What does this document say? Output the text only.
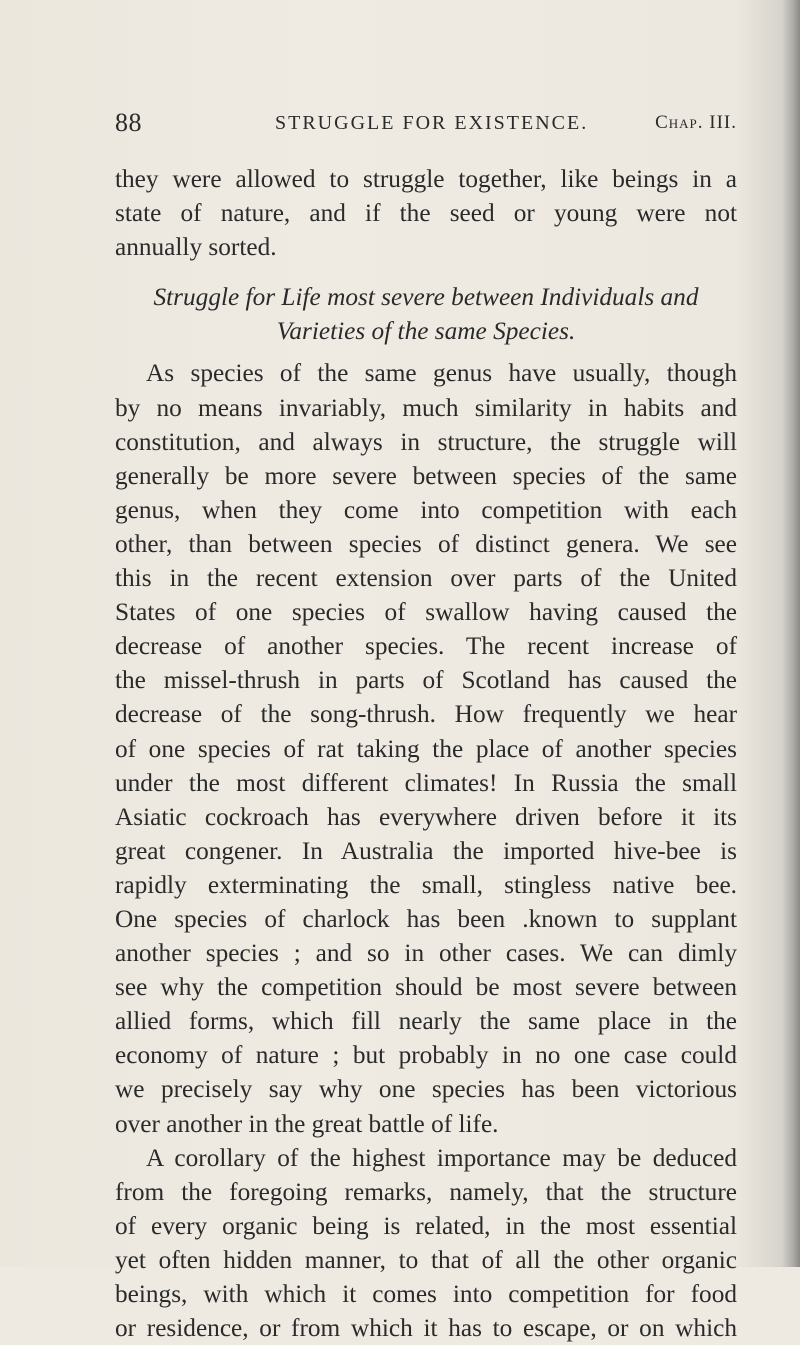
88	STRUGGLE FOR EXISTENCE.	Chap. III.
they were allowed to struggle together, like beings in a
state of nature, and if the seed or young were not
annually sorted.
Struggle for Life most severe between Individuals and
Varieties of the same Species.
As species of the same genus have usually, though
by no means invariably, much similarity in habits and
constitution, and always in structure, the struggle will
generally be more severe between species of the same
genus, when they come into competition with each
other, than between species of distinct genera. We see
this in the recent extension over parts of the United
States of one species of swallow having caused the
decrease of another species. The recent increase of
the missel-thrush in parts of Scotland has caused the
decrease of the song-thrush. How frequently we hear
of one species of rat taking the place of another species
under the most different climates! In Russia the small
Asiatic cockroach has everywhere driven before it its
great congener. In Australia the imported hive-bee is
rapidly exterminating the small, stingless native bee.
One species of charlock has been .known to supplant
another species ; and so in other cases. We can dimly
see why the competition should be most severe between
allied forms, which fill nearly the same place in the
economy of nature ; but probably in no one case could
we precisely say why one species has been victorious
over another in the great battle of life.
A corollary of the highest importance may be deduced
from the foregoing remarks, namely, that the structure
of every organic being is related, in the most essential
yet often hidden manner, to that of all the other organic
beings, with which it comes into competition for food
or residence, or from which it has to escape, or on which
